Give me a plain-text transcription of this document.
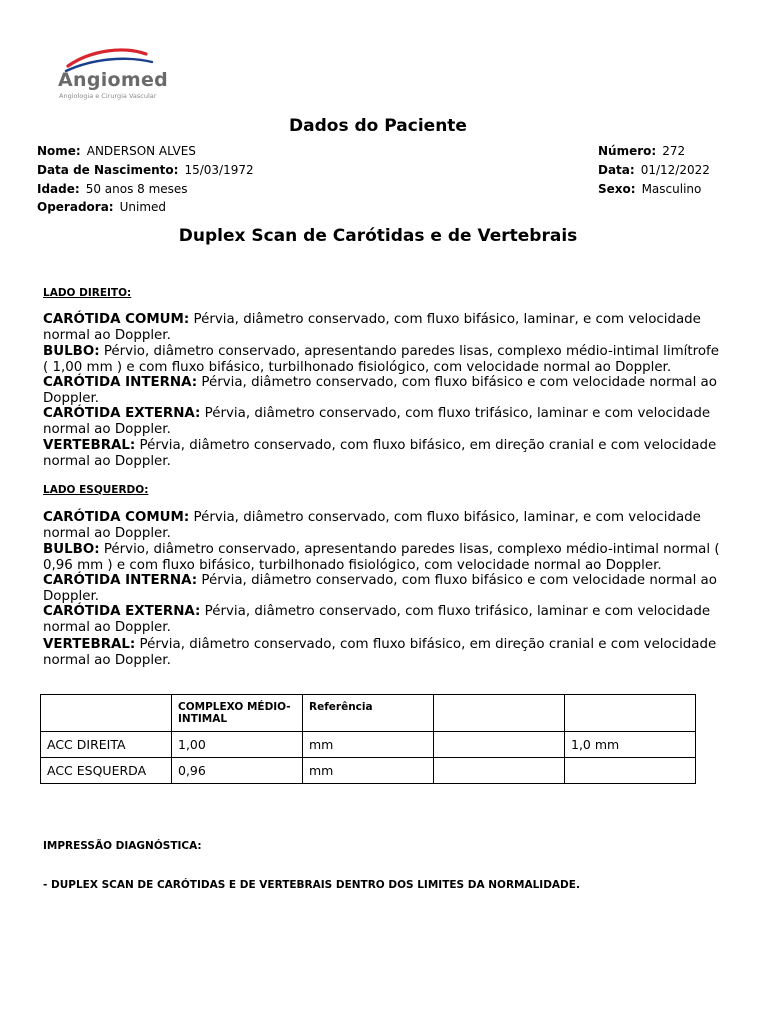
Angiomed
Angiologia e Cirurgia Vascular
Dados do Paciente
Nome: ANDERSON ALVES	Número: 272
Data de Nascimento: 15/03/1972	Data: 01/12/2022
Idade: 50 anos 8 meses	Sexo: Masculino
Operadora: Unimed
Duplex Scan de Carótidas e de Vertebrais
LADO DIREITO:
CARÓTIDA COMUM: Pérvia, diâmetro conservado, com fluxo bifásico, laminar, e com velocidade normal ao Doppler.
BULBO: Pérvio, diâmetro conservado, apresentando paredes lisas, complexo médio-intimal limítrofe ( 1,00 mm ) e com fluxo bifásico, turbilhonado fisiológico, com velocidade normal ao Doppler.
CARÓTIDA INTERNA: Pérvia, diâmetro conservado, com fluxo bifásico e com velocidade normal ao Doppler.
CARÓTIDA EXTERNA: Pérvia, diâmetro conservado, com fluxo trifásico, laminar e com velocidade normal ao Doppler.
VERTEBRAL: Pérvia, diâmetro conservado, com fluxo bifásico, em direção cranial e com velocidade normal ao Doppler.
LADO ESQUERDO:
CARÓTIDA COMUM: Pérvia, diâmetro conservado, com fluxo bifásico, laminar, e com velocidade normal ao Doppler.
BULBO: Pérvio, diâmetro conservado, apresentando paredes lisas, complexo médio-intimal normal ( 0,96 mm ) e com fluxo bifásico, turbilhonado fisiológico, com velocidade normal ao Doppler.
CARÓTIDA INTERNA: Pérvia, diâmetro conservado, com fluxo bifásico e com velocidade normal ao Doppler.
CARÓTIDA EXTERNA: Pérvia, diâmetro conservado, com fluxo trifásico, laminar e com velocidade normal ao Doppler.
VERTEBRAL: Pérvia, diâmetro conservado, com fluxo bifásico, em direção cranial e com velocidade normal ao Doppler.
	COMPLEXO MÉDIO-INTIMAL	Referência		
ACC DIREITA	1,00	mm		1,0 mm
ACC ESQUERDA	0,96	mm		
IMPRESSÃO DIAGNÓSTICA:
- DUPLEX SCAN DE CARÓTIDAS E DE VERTEBRAIS DENTRO DOS LIMITES DA NORMALIDADE.
